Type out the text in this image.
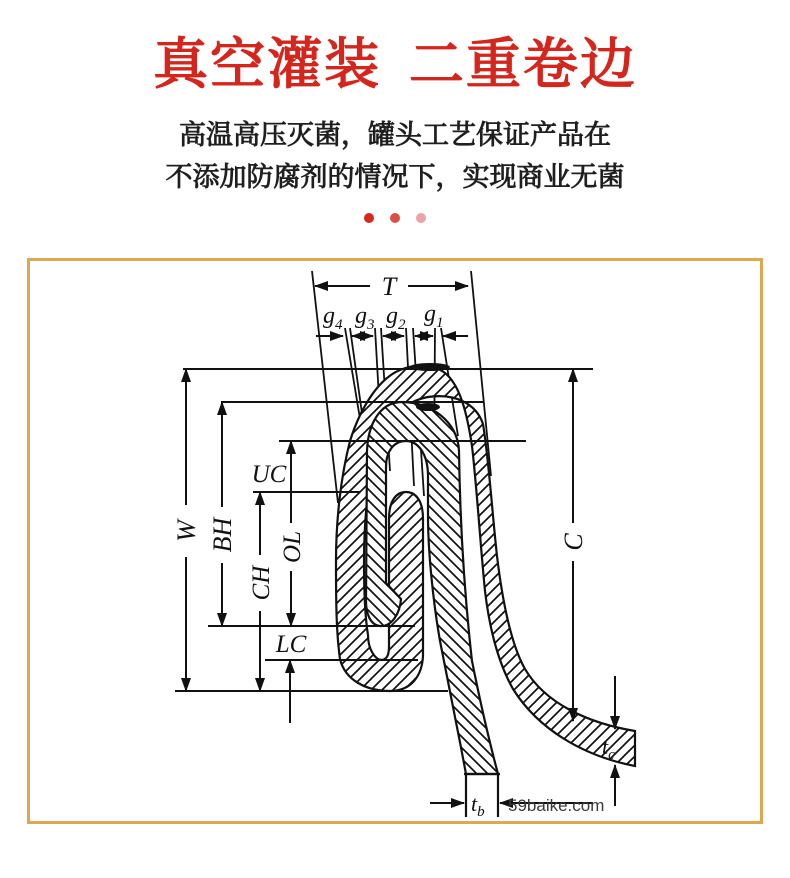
真空灌装 二重卷边
高温高压灭菌，罐头工艺保证产品在
不添加防腐剂的情况下，实现商业无菌

T
$g_4$ $g_3$ $g_2$ $g_1$
W BH
UC
OL
CH
LC
C
$t_c$
$t_b$ 59baike.com
